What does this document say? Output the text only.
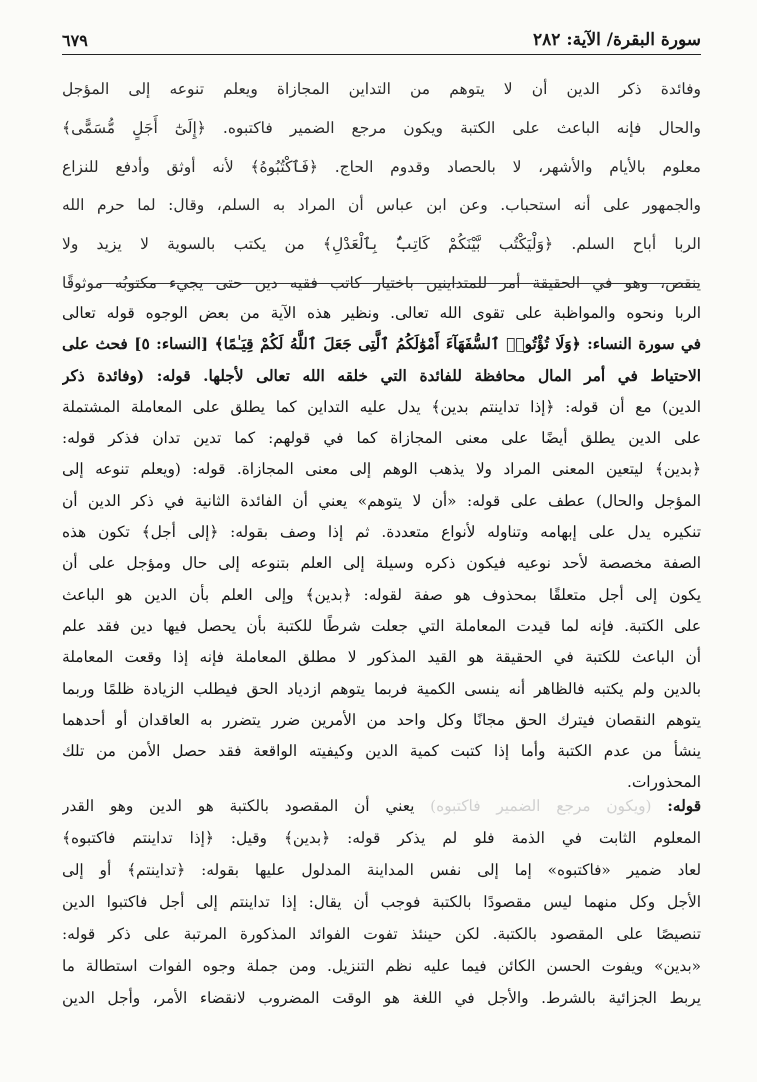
سورة البقرة/ الآية: ٢٨٢
٦٧٩
وفائدة ذكر الدين أن لا يتوهم من التداين المجازاة ويعلم تنوعه إلى المؤجل
والحال فإنه الباعث على الكتبة ويكون مرجع الضمير فاكتبوه. ﴿إِلَىٰٓ أَجَلٍ مُّسَمًّى﴾
معلوم بالأيام والأشهر، لا بالحصاد وقدوم الحاج. ﴿فَٱكْتُبُوهُ﴾ لأنه أوثق وأدفع للنزاع
والجمهور على أنه استحباب. وعن ابن عباس أن المراد به السلم، وقال: لما حرم الله
الربا أباح السلم. ﴿وَلْيَكْتُب بَّيْنَكُمْ كَاتِبٌۢ بِٱلْعَدْلِ﴾ من يكتب بالسوية لا يزيد ولا
ينقص، وهو في الحقيقة أمر للمتداينين باختيار كاتب فقيه دين حتى يجيء مكتوبُه موثوقًا
الربا ونحوه والمواظبة على تقوى الله تعالى. ونظير هذه الآية من بعض الوجوه قوله تعالى
في سورة النساء: ﴿وَلَا تُؤْتُوا۟ ٱلسُّفَهَآءَ أَمْوَٰلَكُمُ ٱلَّتِى جَعَلَ ٱللَّهُ لَكُمْ قِيَـٰمًا﴾ [النساء: ٥] فحث على
الاحتياط في أمر المال محافظة للفائدة التي خلقه الله تعالى لأجلها. قوله: (وفائدة ذكر
الدين) مع أن قوله: ﴿إذا تداينتم بدين﴾ يدل عليه التداين كما يطلق على المعاملة المشتملة
على الدين يطلق أيضًا على معنى المجازاة كما في قولهم: كما تدين تدان فذكر قوله:
﴿بدين﴾ ليتعين المعنى المراد ولا يذهب الوهم إلى معنى المجازاة. قوله: (ويعلم تنوعه إلى
المؤجل والحال) عطف على قوله: «أن لا يتوهم» يعني أن الفائدة الثانية في ذكر الدين أن
تنكيره يدل على إبهامه وتناوله لأنواع متعددة. ثم إذا وصف بقوله: ﴿إلى أجل﴾ تكون هذه
الصفة مخصصة لأحد نوعيه فيكون ذكره وسيلة إلى العلم بتنوعه إلى حال ومؤجل على أن
يكون إلى أجل متعلقًا بمحذوف هو صفة لقوله: ﴿بدين﴾ وإلى العلم بأن الدين هو الباعث
على الكتبة. فإنه لما قيدت المعاملة التي جعلت شرطًا للكتبة بأن يحصل فيها دين فقد علم
أن الباعث للكتبة في الحقيقة هو القيد المذكور لا مطلق المعاملة فإنه إذا وقعت المعاملة
بالدين ولم يكتبه فالظاهر أنه ينسى الكمية فربما يتوهم ازدياد الحق فيطلب الزيادة ظلمًا وربما
يتوهم النقصان فيترك الحق مجانًا وكل واحد من الأمرين ضرر يتضرر به العاقدان أو أحدهما
ينشأ من عدم الكتبة وأما إذا كتبت كمية الدين وكيفيته الواقعة فقد حصل الأمن من تلك
المحذورات.
قوله: (ويكون مرجع الضمير فاكتبوه) يعني أن المقصود بالكتبة هو الدين وهو القدر
المعلوم الثابت في الذمة فلو لم يذكر قوله: ﴿بدين﴾ وقيل: ﴿إذا تداينتم فاكتبوه﴾
لعاد ضمير «فاكتبوه» إما إلى نفس المداينة المدلول عليها بقوله: ﴿تداينتم﴾ أو إلى
الأجل وكل منهما ليس مقصودًا بالكتبة فوجب أن يقال: إذا تداينتم إلى أجل فاكتبوا الدين
تنصيصًا على المقصود بالكتبة. لكن حينئذ تفوت الفوائد المذكورة المرتبة على ذكر قوله:
«بدين» ويفوت الحسن الكائن فيما عليه نظم التنزيل. ومن جملة وجوه الفوات استطالة ما
يربط الجزائية بالشرط. والأجل في اللغة هو الوقت المضروب لانقضاء الأمر، وأجل الدين
